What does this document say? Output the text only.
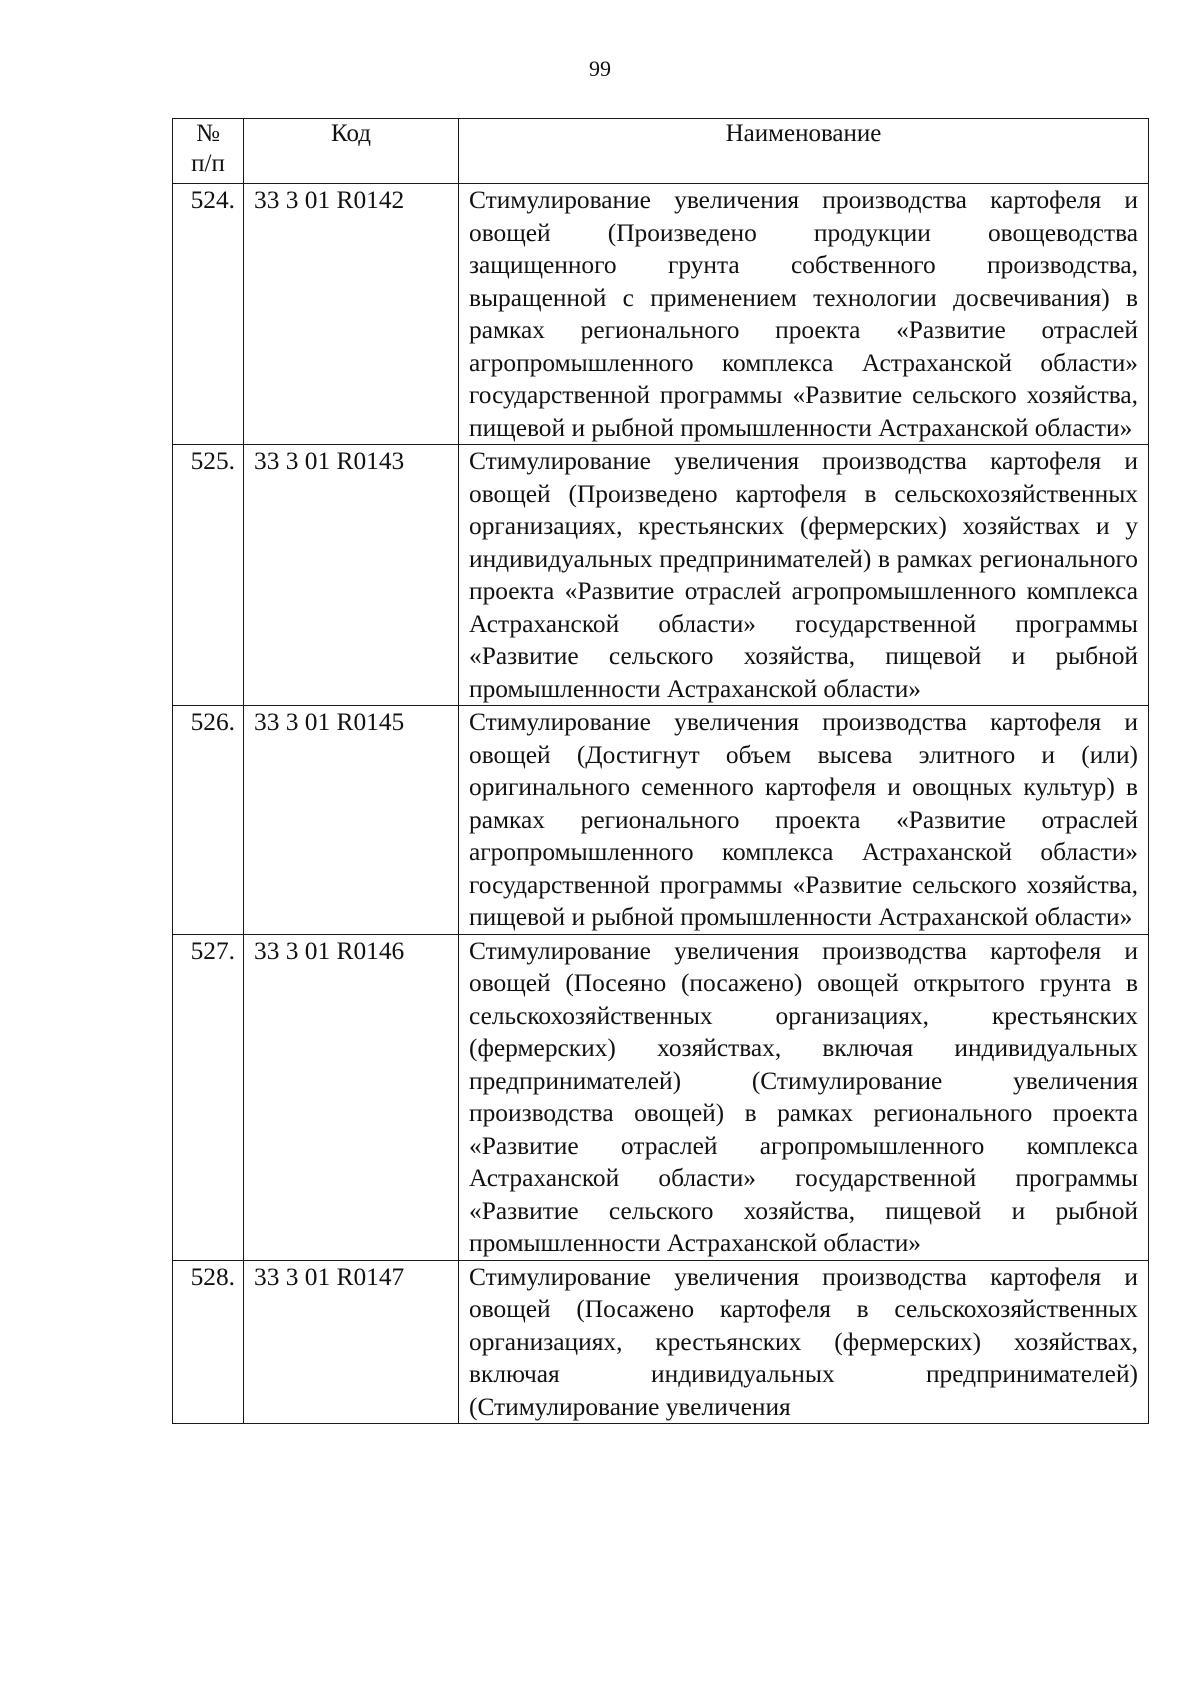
99
№
п/п	Код	Наименование
524.	33 3 01 R0142	Стимулирование увеличения производства картофеля и овощей (Произведено продукции овощеводства защищенного грунта собственного производства, выращенной с применением технологии досвечивания) в рамках регионального проекта «Развитие отраслей агропромышленного комплекса Астраханской области» государственной программы «Развитие сельского хозяйства, пищевой и рыбной промышленности Астраханской области»
525.	33 3 01 R0143	Стимулирование увеличения производства картофеля и овощей (Произведено картофеля в сельскохозяйственных организациях, крестьянских (фермерских) хозяйствах и у индивидуальных предпринимателей) в рамках регионального проекта «Развитие отраслей агропромышленного комплекса Астраханской области» государственной программы «Развитие сельского хозяйства, пищевой и рыбной промышленности Астраханской области»
526.	33 3 01 R0145	Стимулирование увеличения производства картофеля и овощей (Достигнут объем высева элитного и (или) оригинального семенного картофеля и овощных культур) в рамках регионального проекта «Развитие отраслей агропромышленного комплекса Астраханской области» государственной программы «Развитие сельского хозяйства, пищевой и рыбной промышленности Астраханской области»
527.	33 3 01 R0146	Стимулирование увеличения производства картофеля и овощей (Посеяно (посажено) овощей открытого грунта в сельскохозяйственных организациях, крестьянских (фермерских) хозяйствах, включая индивидуальных предпринимателей) (Стимулирование увеличения производства овощей) в рамках регионального проекта «Развитие отраслей агропромышленного комплекса Астраханской области» государственной программы «Развитие сельского хозяйства, пищевой и рыбной промышленности Астраханской области»
528.	33 3 01 R0147	Стимулирование увеличения производства картофеля и овощей (Посажено картофеля в сельскохозяйственных организациях, крестьянских (фермерских) хозяйствах, включая индивидуальных предпринимателей) (Стимулирование увеличения
